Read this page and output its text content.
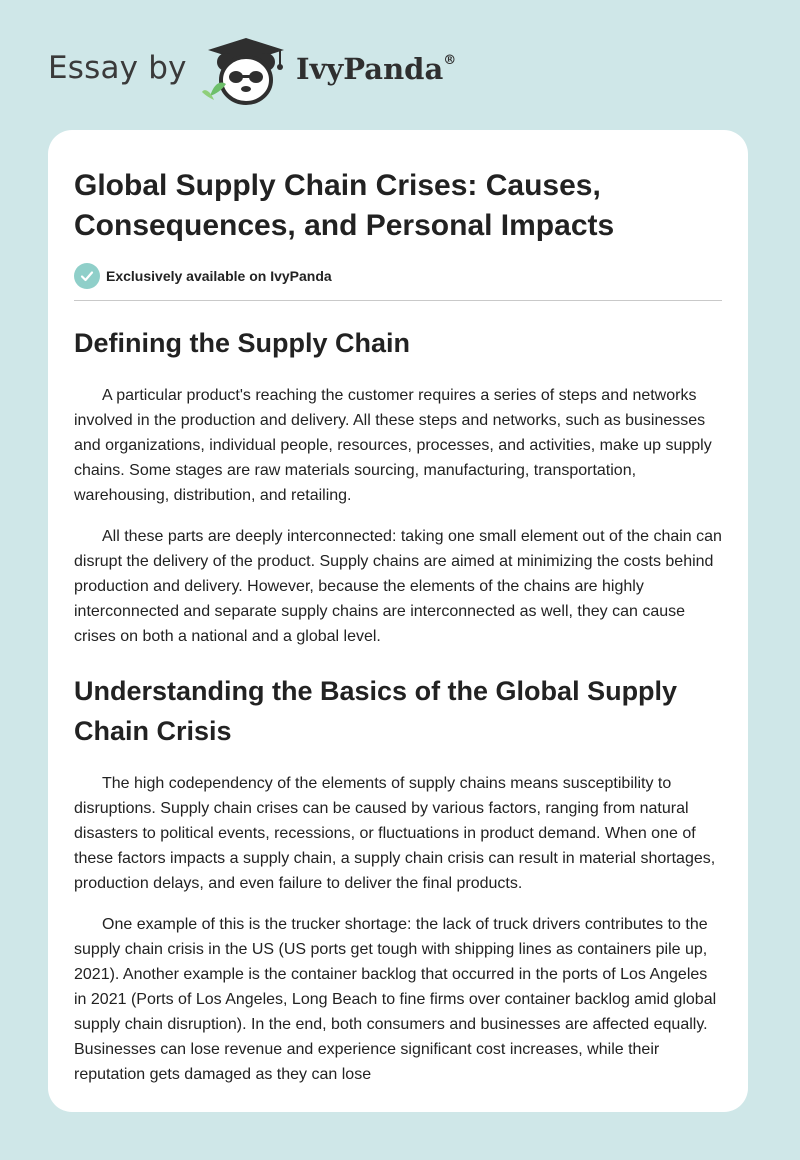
Essay by	IvyPanda®
Global Supply Chain Crises: Causes, Consequences, and Personal Impacts
Exclusively available on IvyPanda
Defining the Supply Chain

A particular product's reaching the customer requires a series of steps and networks involved in the production and delivery. All these steps and networks, such as businesses and organizations, individual people, resources, processes, and activities, make up supply chains. Some stages are raw materials sourcing, manufacturing, transportation, warehousing, distribution, and retailing.

All these parts are deeply interconnected: taking one small element out of the chain can disrupt the delivery of the product. Supply chains are aimed at minimizing the costs behind production and delivery. However, because the elements of the chains are highly interconnected and separate supply chains are interconnected as well, they can cause crises on both a national and a global level.

Understanding the Basics of the Global Supply Chain Crisis

The high codependency of the elements of supply chains means susceptibility to disruptions. Supply chain crises can be caused by various factors, ranging from natural disasters to political events, recessions, or fluctuations in product demand. When one of these factors impacts a supply chain, a supply chain crisis can result in material shortages, production delays, and even failure to deliver the final products.

One example of this is the trucker shortage: the lack of truck drivers contributes to the supply chain crisis in the US (US ports get tough with shipping lines as containers pile up, 2021). Another example is the container backlog that occurred in the ports of Los Angeles in 2021 (Ports of Los Angeles, Long Beach to fine firms over container backlog amid global supply chain disruption). In the end, both consumers and businesses are affected equally. Businesses can lose revenue and experience significant cost increases, while their reputation gets damaged as they can lose
